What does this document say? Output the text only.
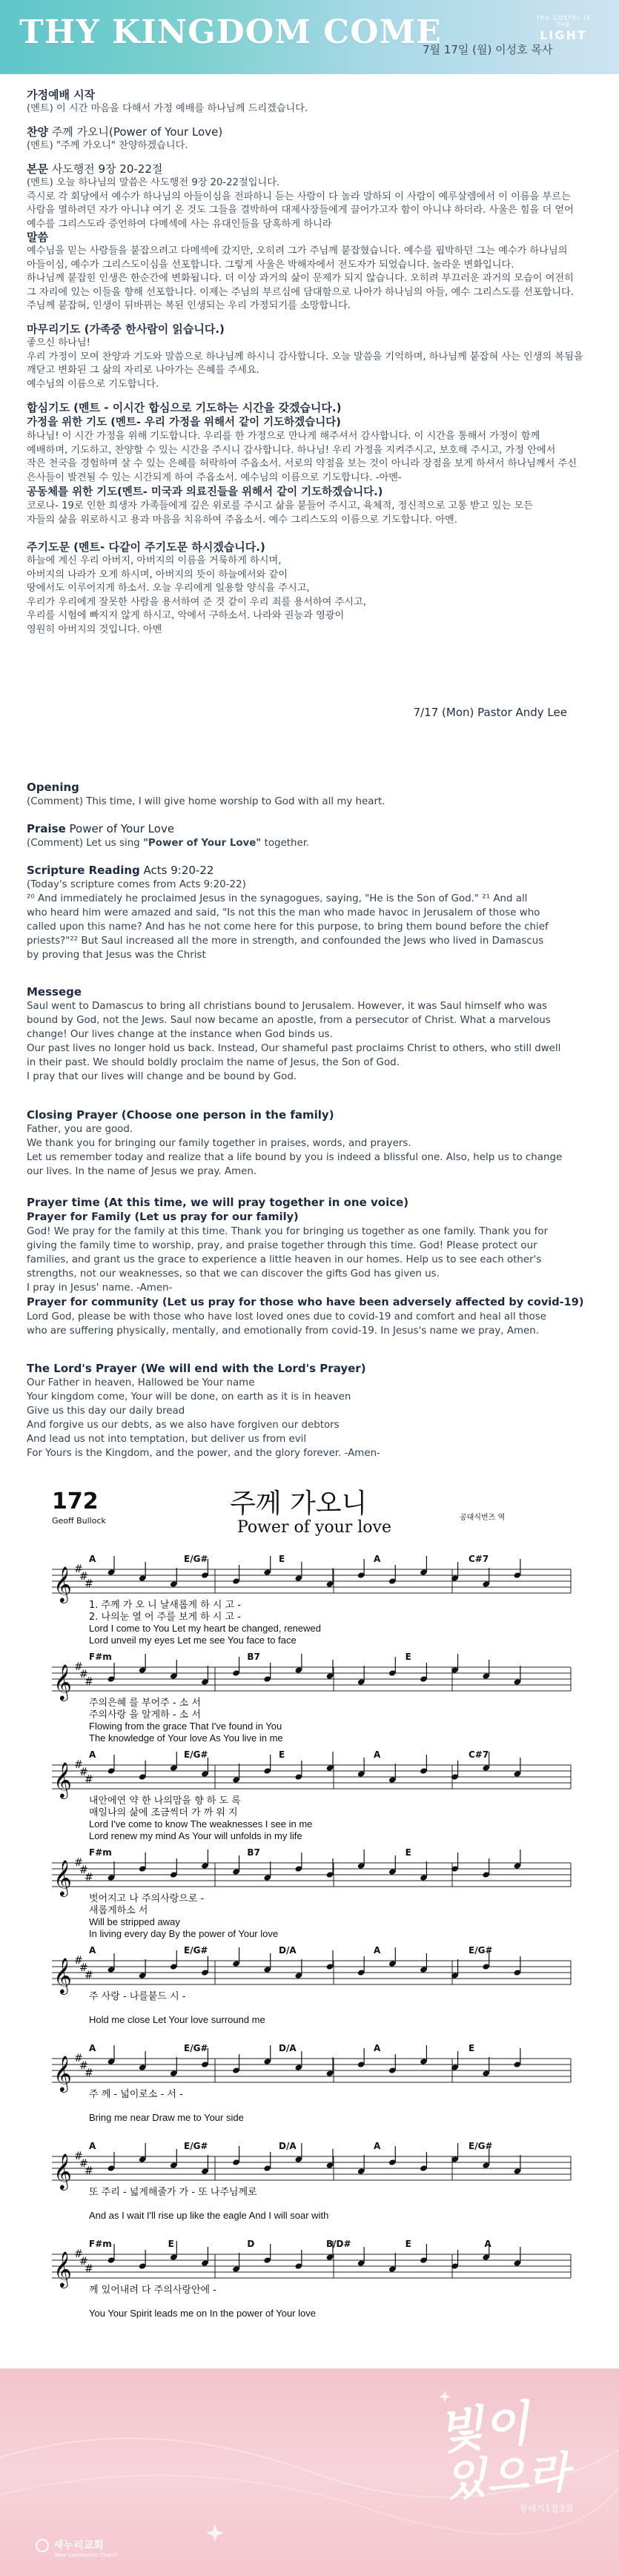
THY KINGDOM COME
7월 17일 (월) 이성호 목사
THE GOSPEL IS THE
LIGHT
가정예배 시작
(멘트) 이 시간 마음을 다해서 가정 예배를 하나님께 드리겠습니다.
찬양 주께 가오니(Power of Your Love)
(멘트) "주께 가오니" 찬양하겠습니다.
본문 사도행전 9장 20-22절
(멘트) 오늘 하나님의 말씀은 사도행전 9장 20-22절입니다.
즉시로 각 회당에서 예수가 하나님의 아들이심을 전파하니 듣는 사람이 다 놀라 말하되 이 사람이 예루살렘에서 이 이름을 부르는
사람을 멸하려던 자가 아니냐 여기 온 것도 그들을 결박하여 대제사장들에게 끌어가고자 함이 아니냐 하더라. 사울은 힘을 더 얻어
예수를 그리스도라 증언하여 다메섹에 사는 유대인들을 당혹하게 하니라
말씀
예수님을 믿는 사람들을 붙잡으려고 다메섹에 갔지만, 오히려 그가 주님께 붙잡혔습니다. 예수를 핍박하던 그는 예수가 하나님의
아들이심, 예수가 그리스도이심을 선포합니다. 그렇게 사울은 박해자에서 전도자가 되었습니다. 놀라운 변화입니다.
하나님께 붙잡힌 인생은 한순간에 변화됩니다. 더 이상 과거의 삶이 문제가 되지 않습니다. 오히려 부끄러운 과거의 모습이 여전히
그 자리에 있는 이들을 향해 선포합니다. 이제는 주님의 부르심에 담대함으로 나아가 하나님의 아들, 예수 그리스도를 선포합니다.
주님께 붙잡혀, 인생이 뒤바뀌는 복된 인생되는 우리 가정되기를 소망합니다.
마무리기도 (가족중 한사람이 읽습니다.)
좋으신 하나님!
우리 가정이 모여 찬양과 기도와 말씀으로 하나님께 하시니 감사합니다. 오늘 말씀을 기억하며, 하나님께 붙잡혀 사는 인생의 복됨을
깨닫고 변화된 그 삶의 자리로 나아가는 은혜를 주세요.
예수님의 이름으로 기도합니다.
합심기도 (멘트 - 이시간 합심으로 기도하는 시간을 갖겠습니다.)
가정을 위한 기도 (멘트- 우리 가정을 위해서 같이 기도하겠습니다)
하나님! 이 시간 가정을 위해 기도합니다. 우리를 한 가정으로 만나게 해주셔서 감사합니다. 이 시간을 통해서 가정이 함께
예배하며, 기도하고, 찬양할 수 있는 시간을 주시니 감사합니다. 하나님! 우리 가정을 지켜주시고, 보호해 주시고, 가정 안에서
작은 천국을 경험하며 살 수 있는 은혜를 허락하여 주옵소서. 서로의 약점을 보는 것이 아니라 장점을 보게 하셔서 하나님께서 주신
은사들이 발견될 수 있는 시간되게 하여 주옵소서. 예수님의 이름으로 기도합니다. -아멘-
공동체를 위한 기도(멘트- 미국과 의료진들을 위해서 같이 기도하겠습니다.)
코로나- 19로 인한 희생자 가족들에게 깊은 위로를 주시고 삶을 붙들어 주시고, 육체적, 정신적으로 고통 받고 있는 모든
자들의 삶을 위로하시고 용과 마음을 치유하여 주옵소서. 예수 그리스도의 이름으로 기도합니다. 아멘.
주기도문 (멘트- 다같이 주기도문 하시겠습니다.)
하늘에 계신 우리 아버지, 아버지의 이름을 거룩하게 하시며,
아버지의 나라가 오게 하시며, 아버지의 뜻이 하늘에서와 같이
땅에서도 이루어지게 하소서. 오늘 우리에게 일용할 양식을 주시고,
우리가 우리에게 잘못한 사람을 용서하여 준 것 같이 우리 죄를 용서하여 주시고,
우리를 시험에 빠지지 않게 하시고, 악에서 구하소서. 나라와 권능과 영광이
영원히 아버지의 것입니다. 아멘
7/17 (Mon) Pastor Andy Lee
Opening
(Comment) This time, I will give home worship to God with all my heart.
Praise Power of Your Love
(Comment) Let us sing "Power of Your Love" together.
Scripture Reading Acts 9:20-22
(Today's scripture comes from Acts 9:20-22)
²⁰ And immediately he proclaimed Jesus in the synagogues, saying, "He is the Son of God." ²¹ And all
who heard him were amazed and said, "Is not this the man who made havoc in Jerusalem of those who
called upon this name? And has he not come here for this purpose, to bring them bound before the chief
priests?"²² But Saul increased all the more in strength, and confounded the Jews who lived in Damascus
by proving that Jesus was the Christ
Messege
Saul went to Damascus to bring all christians bound to Jerusalem. However, it was Saul himself who was
bound by God, not the Jews. Saul now became an apostle, from a persecutor of Christ. What a marvelous
change! Our lives change at the instance when God binds us.
Our past lives no longer hold us back. Instead, Our shameful past proclaims Christ to others, who still dwell
in their past. We should boldly proclaim the name of Jesus, the Son of God.
I pray that our lives will change and be bound by God.
Closing Prayer (Choose one person in the family)
Father, you are good.
We thank you for bringing our family together in praises, words, and prayers.
Let us remember today and realize that a life bound by you is indeed a blissful one. Also, help us to change
our lives. In the name of Jesus we pray. Amen.
Prayer time (At this time, we will pray together in one voice)
Prayer for Family (Let us pray for our family)
God! We pray for the family at this time. Thank you for bringing us together as one family. Thank you for
giving the family time to worship, pray, and praise together through this time. God! Please protect our
families, and grant us the grace to experience a little heaven in our homes. Help us to see each other's
strengths, not our weaknesses, so that we can discover the gifts God has given us.
I pray in Jesus' name. -Amen-
Prayer for community (Let us pray for those who have been adversely affected by covid-19)
Lord God, please be with those who have lost loved ones due to covid-19 and comfort and heal all those
who are suffering physically, mentally, and emotionally from covid-19. In Jesus's name we pray, Amen.
The Lord's Prayer (We will end with the Lord's Prayer)
Our Father in heaven, Hallowed be Your name
Your kingdom come, Your will be done, on earth as it is in heaven
Give us this day our daily bread
And forgive us our debts, as we also have forgiven our debtors
And lead us not into temptation, but deliver us from evil
For Yours is the Kingdom, and the power, and the glory forever. -Amen-
172
Geoff Bullock
주께 가오니
Power of your love
공대식번즈 역
A	E/G#	E	A	C#7
𝄞 #
#
#
1. 주께 가 오 니 날새롭게 하 시 고 -
2. 나의눈 열 어 주를 보게 하 시 고 -
Lord I come to You Let my heart be changed, renewed
Lord unveil my eyes Let me see You face to face
F#m	B7	E
𝄞 #
#
#
주의은혜 를 부어주 - 소 서
주의사랑 을 알게하 - 소 서
Flowing from the grace That I've found in You
The knowledge of Your love As You live in me
A	E/G#	E	A	C#7
𝄞 #
#
#
내안에연 약 한 나의맘을 향 하 도 록
매일나의 삶에 조금씩더 가 까 워 지
Lord I've come to know The weaknesses I see in me
Lord renew my mind As Your will unfolds in my life
F#m	B7	E
𝄞 #
#
#
벗어지고 나 주의사랑으로 -
새롭게하소 서
Will be stripped away
In living every day By the power of Your love
A	E/G#	D/A	A	E/G#
𝄞 #
#
#
주 사랑 - 나를붙드 시 -
Hold me close Let Your love surround me
A	E/G#	D/A	A	E
𝄞 #
#
#
주 께 - 넓이로소 - 서 -
Bring me near Draw me to Your side
A	E/G#	D/A	A	E/G#
𝄞 #
#
#
또 주리 - 넓게해줄가 가 - 또 나주님께로
And as I wait I'll rise up like the eagle And I will soar with
F#m	E	D	B/D#	E	A
𝄞 #
#
#
께 있어내려 다 주의사랑안에 -
You Your Spirit leads me on In the power of Your love
빛이
있으라
창세기1장3절
새누리교회
New Community Church
